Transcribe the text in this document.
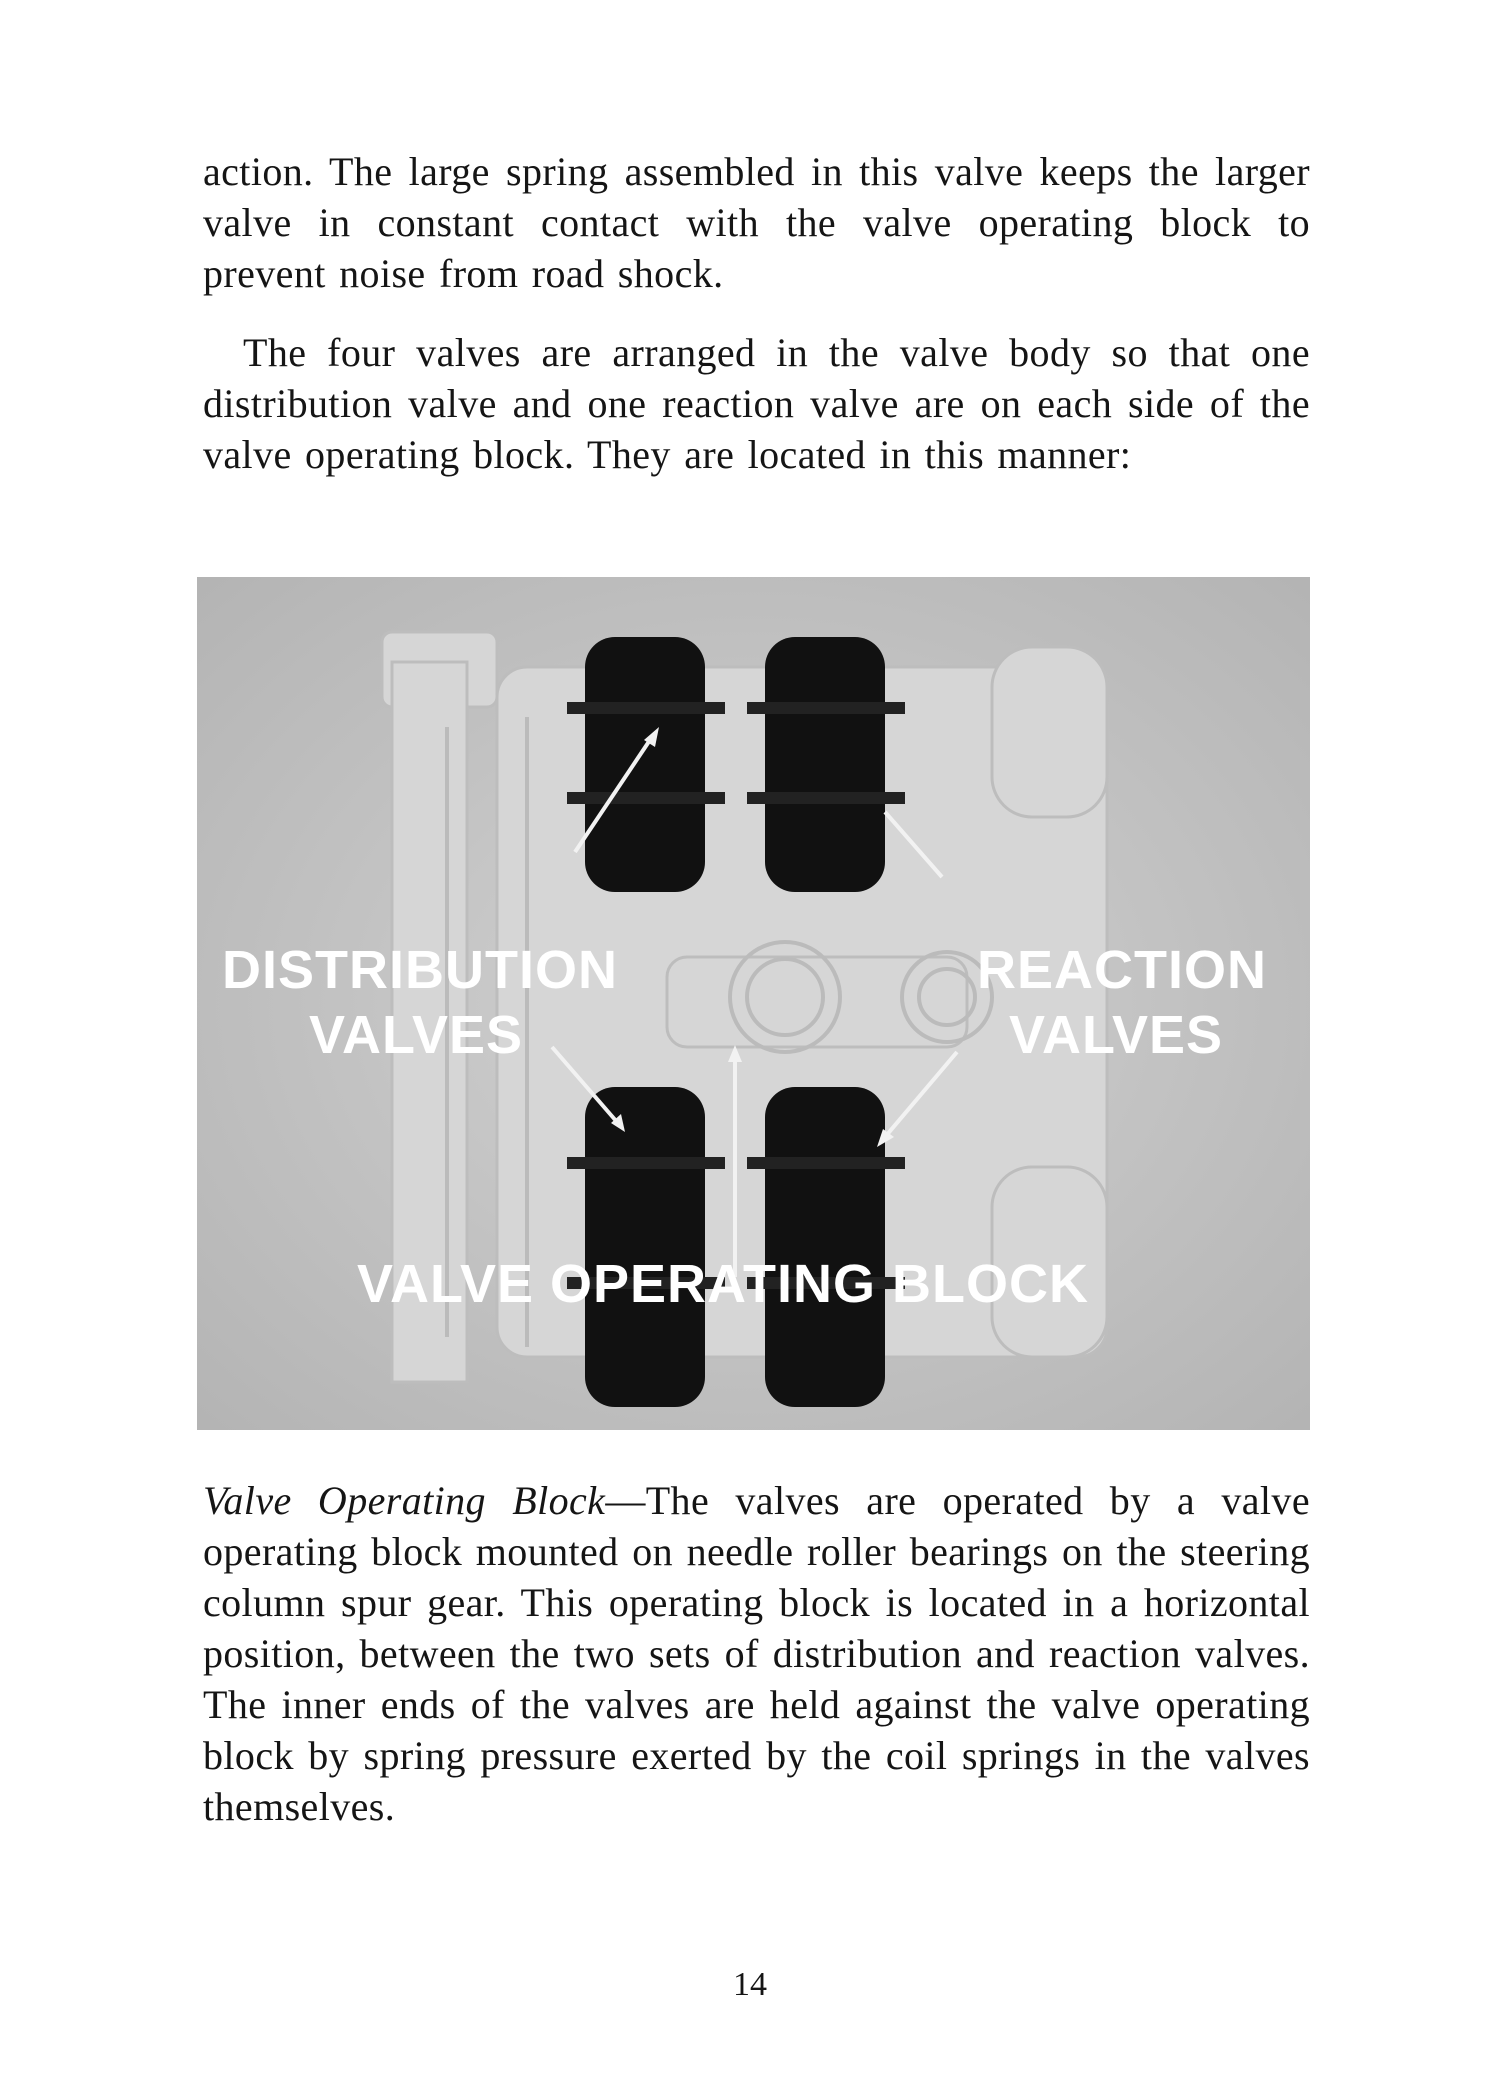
action. The large spring assembled in this valve keeps the larger valve in constant contact with the valve operating block to prevent noise from road shock.

The four valves are arranged in the valve body so that one distribution valve and one reaction valve are on each side of the valve operating block. They are located in this manner:

DISTRIBUTION
VALVES
REACTION
VALVES
VALVE OPERATING BLOCK

Valve Operating Block—The valves are operated by a valve operating block mounted on needle roller bearings on the steering column spur gear. This operating block is located in a horizontal position, between the two sets of distribution and reaction valves. The inner ends of the valves are held against the valve operating block by spring pressure exerted by the coil springs in the valves themselves.

14
